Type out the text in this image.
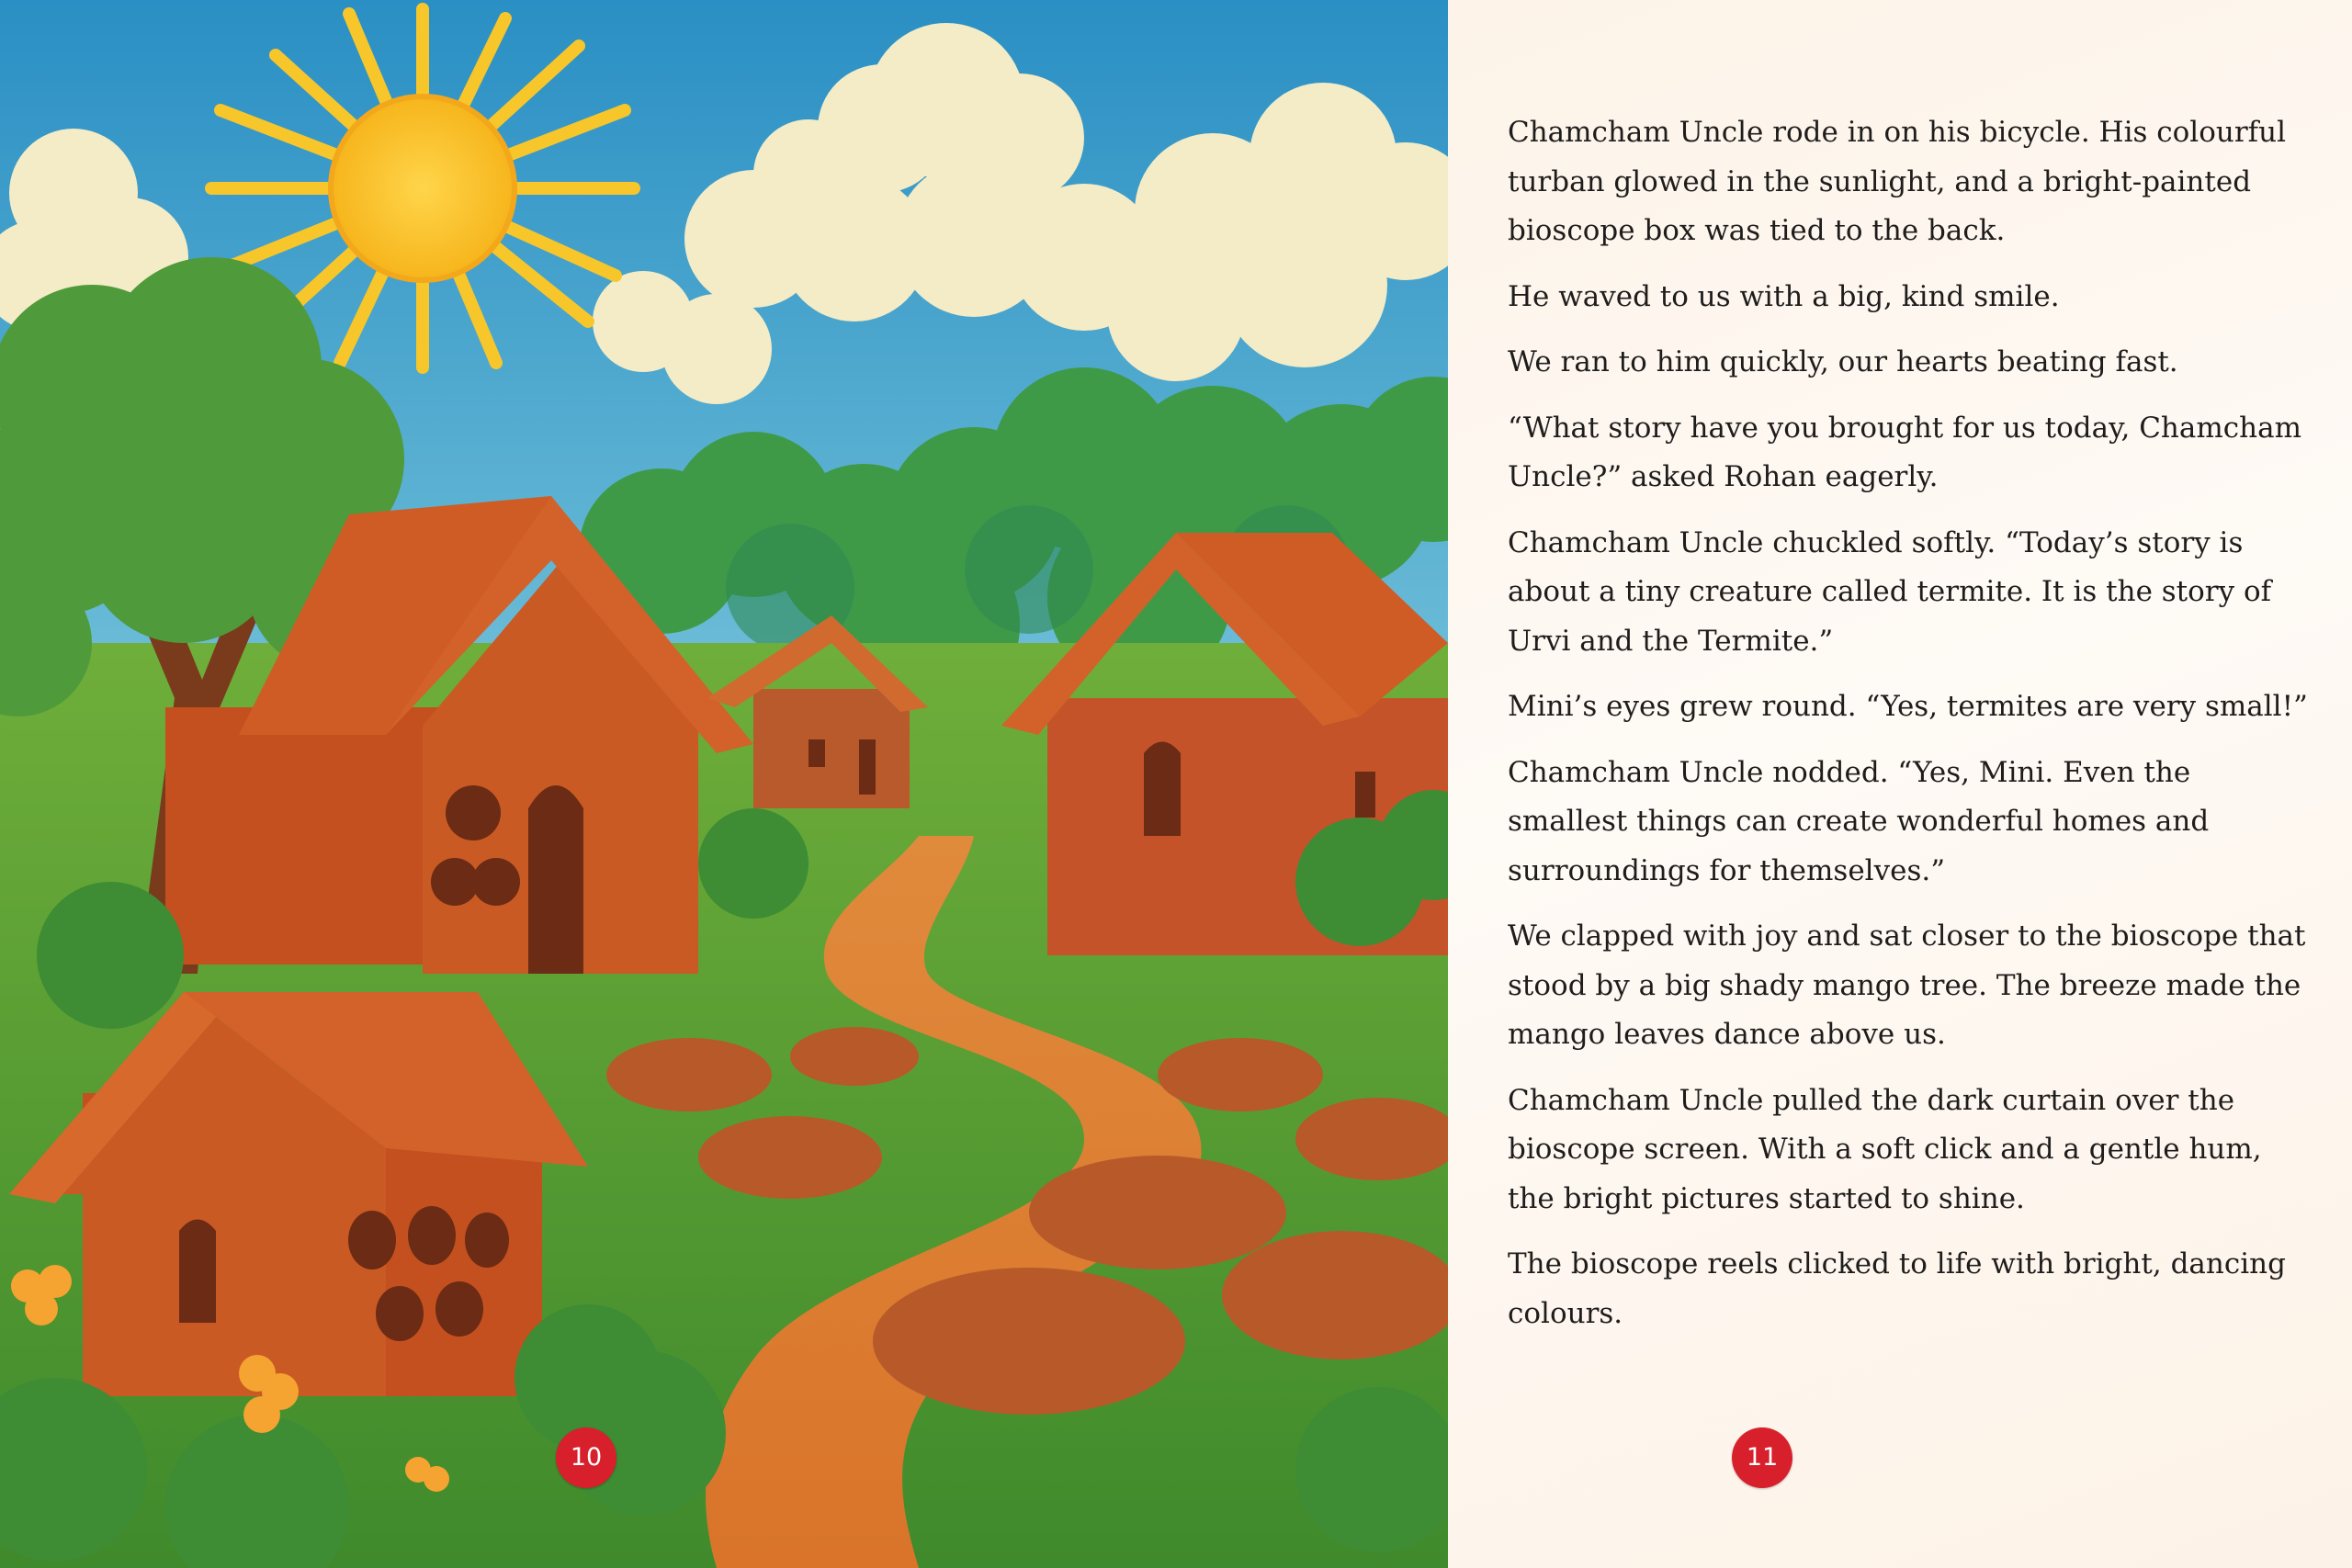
10

Chamcham Uncle rode in on his bicycle. His colourful turban glowed in the sunlight, and a bright-painted bioscope box was tied to the back.

He waved to us with a big, kind smile.

We ran to him quickly, our hearts beating fast.

“What story have you brought for us today, Chamcham Uncle?” asked Rohan eagerly.

Chamcham Uncle chuckled softly. “Today’s story is about a tiny creature called termite. It is the story of Urvi and the Termite.”

Mini’s eyes grew round. “Yes, termites are very small!”

Chamcham Uncle nodded. “Yes, Mini. Even the smallest things can create wonderful homes and surroundings for themselves.”

We clapped with joy and sat closer to the bioscope that stood by a big shady mango tree. The breeze made the mango leaves dance above us.

Chamcham Uncle pulled the dark curtain over the bioscope screen. With a soft click and a gentle hum, the bright pictures started to shine.

The bioscope reels clicked to life with bright, dancing colours.

11
